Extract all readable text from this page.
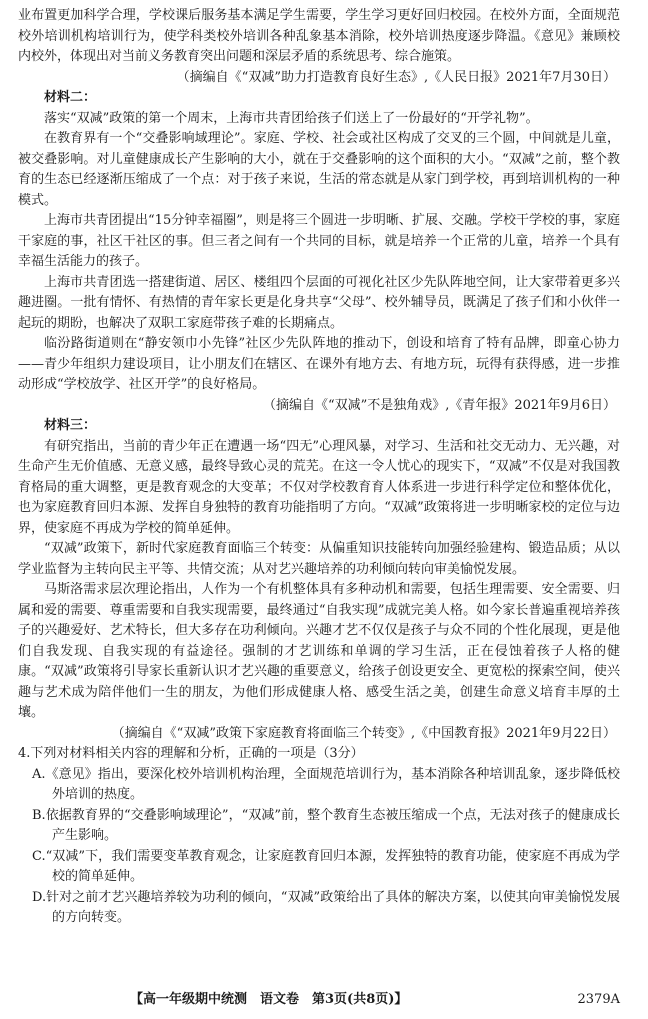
业布置更加科学合理，学校课后服务基本满足学生需要，学生学习更好回归校园。在校外方面，全面规范校外培训机构培训行为，使学科类校外培训各种乱象基本消除，校外培训热度逐步降温。《意见》兼顾校内校外，体现出对当前义务教育突出问题和深层矛盾的系统思考、综合施策。

（摘编自《“双减”助力打造教育良好生态》,《人民日报》2021年7月30日）

材料二：

落实“双减”政策的第一个周末，上海市共青团给孩子们送上了一份最好的“开学礼物”。

在教育界有一个“交叠影响域理论”。家庭、学校、社会或社区构成了交叉的三个圆，中间就是儿童，被交叠影响。对儿童健康成长产生影响的大小，就在于交叠影响的这个面积的大小。“双减”之前，整个教育的生态已经逐渐压缩成了一个点：对于孩子来说，生活的常态就是从家门到学校，再到培训机构的一种模式。

上海市共青团提出“15分钟幸福圈”，则是将三个圆进一步明晰、扩展、交融。学校干学校的事，家庭干家庭的事，社区干社区的事。但三者之间有一个共同的目标，就是培养一个正常的儿童，培养一个具有幸福生活能力的孩子。

上海市共青团选一搭建街道、居区、楼组四个层面的可视化社区少先队阵地空间，让大家带着更多兴趣进圈。一批有情怀、有热情的青年家长更是化身共享“父母”、校外辅导员，既满足了孩子们和小伙伴一起玩的期盼，也解决了双职工家庭带孩子难的长期痛点。

临汾路街道则在“静安领巾小先锋”社区少先队阵地的推动下，创设和培育了特有品牌，即童心协力——青少年组织力建设项目，让小朋友们在辖区、在课外有地方去、有地方玩，玩得有获得感，进一步推动形成“学校放学、社区开学”的良好格局。

（摘编自《“双减”不是独角戏》,《青年报》2021年9月6日）

材料三：

有研究指出，当前的青少年正在遭遇一场“四无”心理风暴，对学习、生活和社交无动力、无兴趣，对生命产生无价值感、无意义感，最终导致心灵的荒芜。在这一令人忧心的现实下，“双减”不仅是对我国教育格局的重大调整，更是教育观念的大变革；不仅对学校教育育人体系进一步进行科学定位和整体优化，也为家庭教育回归本源、发挥自身独特的教育功能指明了方向。“双减”政策将进一步明晰家校的定位与边界，使家庭不再成为学校的简单延伸。

“双减”政策下，新时代家庭教育面临三个转变：从偏重知识技能转向加强经验建构、锻造品质；从以学业监督为主转向民主平等、共情交流；从对艺兴趣培养的功利倾向转向审美愉悦发展。

马斯洛需求层次理论指出，人作为一个有机整体具有多种动机和需要，包括生理需要、安全需要、归属和爱的需要、尊重需要和自我实现需要，最终通过“自我实现”成就完美人格。如今家长普遍重视培养孩子的兴趣爱好、艺术特长，但大多存在功利倾向。兴趣才艺不仅仅是孩子与众不同的个性化展现，更是他们自我发现、自我实现的有益途径。强制的才艺训练和单调的学习生活，正在侵蚀着孩子人格的健康。“双减”政策将引导家长重新认识才艺兴趣的重要意义，给孩子创设更安全、更宽松的探索空间，使兴趣与艺术成为陪伴他们一生的朋友，为他们形成健康人格、感受生活之美，创建生命意义培育丰厚的土壤。

（摘编自《“双减”政策下家庭教育将面临三个转变》,《中国教育报》2021年9月22日）

4.下列对材料相关内容的理解和分析，正确的一项是（3分）

A.《意见》指出，要深化校外培训机构治理，全面规范培训行为，基本消除各种培训乱象，逐步降低校外培训的热度。

B.依据教育界的“交叠影响域理论”，“双减”前，整个教育生态被压缩成一个点，无法对孩子的健康成长产生影响。

C.“双减”下，我们需要变革教育观念，让家庭教育回归本源，发挥独特的教育功能，使家庭不再成为学校的简单延伸。

D.针对之前才艺兴趣培养较为功利的倾向，“双减”政策给出了具体的解决方案，以使其向审美愉悦发展的方向转变。

【高一年级期中统测　语文卷　第3页(共8页)】	2379A
